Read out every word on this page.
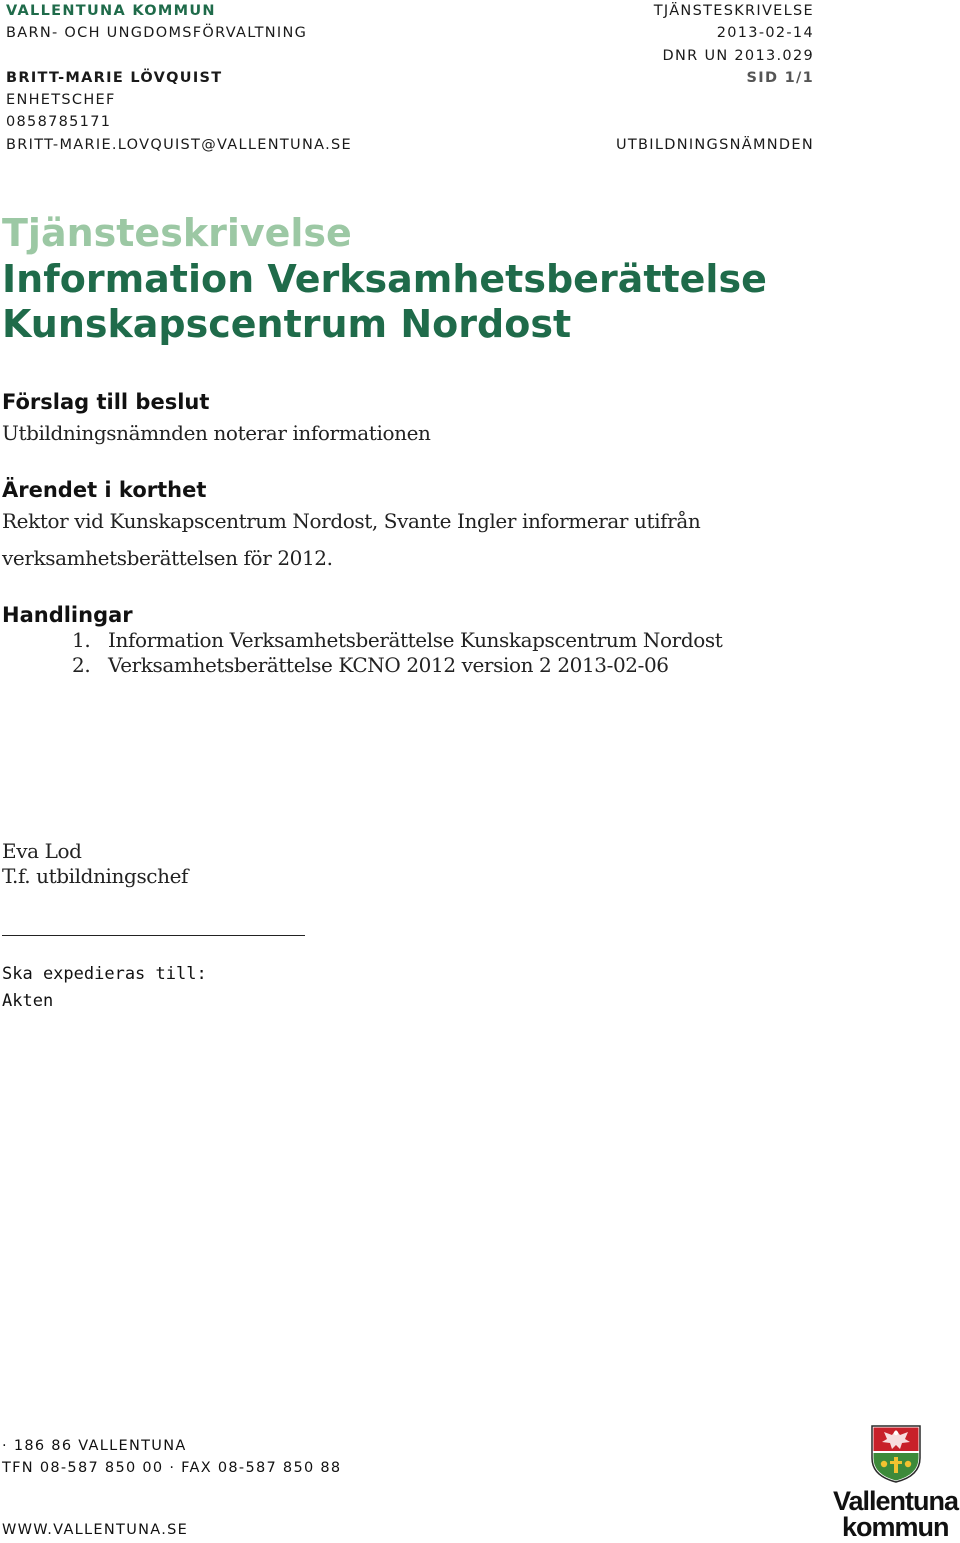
VALLENTUNA KOMMUN
BARN- OCH UNGDOMSFÖRVALTNING
BRITT-MARIE LÖVQUIST
ENHETSCHEF
0858785171
BRITT-MARIE.LOVQUIST@VALLENTUNA.SE
TJÄNSTESKRIVELSE
2013-02-14
DNR UN 2013.029
SID 1/1
UTBILDNINGSNÄMNDEN
Tjänsteskrivelse
Information Verksamhetsberättelse
Kunskapscentrum Nordost
Förslag till beslut
Utbildningsnämnden noterar informationen
Ärendet i korthet
Rektor vid Kunskapscentrum Nordost, Svante Ingler informerar utifrån
verksamhetsberättelsen för 2012.
Handlingar
1. Information Verksamhetsberättelse Kunskapscentrum Nordost
2. Verksamhetsberättelse KCNO 2012 version 2 2013-02-06
Eva Lod
T.f. utbildningschef
Ska expedieras till:
Akten
· 186 86 VALLENTUNA
TFN 08-587 850 00 · FAX 08-587 850 88
WWW.VALLENTUNA.SE
Vallentuna
kommun
